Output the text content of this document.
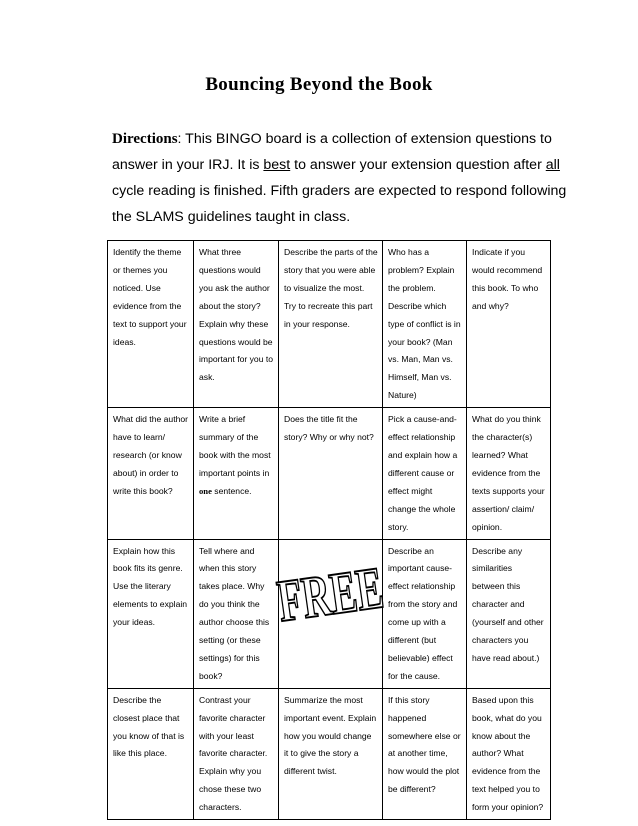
Bouncing Beyond the Book
Directions: This BINGO board is a collection of extension questions to answer in your IRJ. It is best to answer your extension question after all cycle reading is finished. Fifth graders are expected to respond following the SLAMS guidelines taught in class.
Identify the theme or themes you noticed. Use evidence from the text to support your ideas.	What three questions would you ask the author about the story? Explain why these questions would be important for you to ask.	Describe the parts of the story that you were able to visualize the most. Try to recreate this part in your response.	Who has a problem? Explain the problem. Describe which type of conflict is in your book? (Man vs. Man, Man vs. Himself, Man vs. Nature)	Indicate if you would recommend this book. To who and why?

What did the author have to learn/ research (or know about) in order to write this book?	Write a brief summary of the book with the most important points in one sentence.	Does the title fit the story? Why or why not?	Pick a cause-and-effect relationship and explain how a different cause or effect might change the whole story.	What do you think the character(s) learned? What evidence from the texts supports your assertion/ claim/ opinion.

Explain how this book fits its genre. Use the literary elements to explain your ideas.	Tell where and when this story takes place. Why do you think the author choose this setting (or these settings) for this book?	FREE	Describe an important cause-effect relationship from the story and come up with a different (but believable) effect for the cause.	Describe any similarities between this character and (yourself and other characters you have read about.)

Describe the closest place that you know of that is like this place.	Contrast your favorite character with your least favorite character. Explain why you chose these two characters.	Summarize the most important event. Explain how you would change it to give the story a different twist.	If this story happened somewhere else or at another time, how would the plot be different?	Based upon this book, what do you know about the author? What evidence from the text helped you to form your opinion?
